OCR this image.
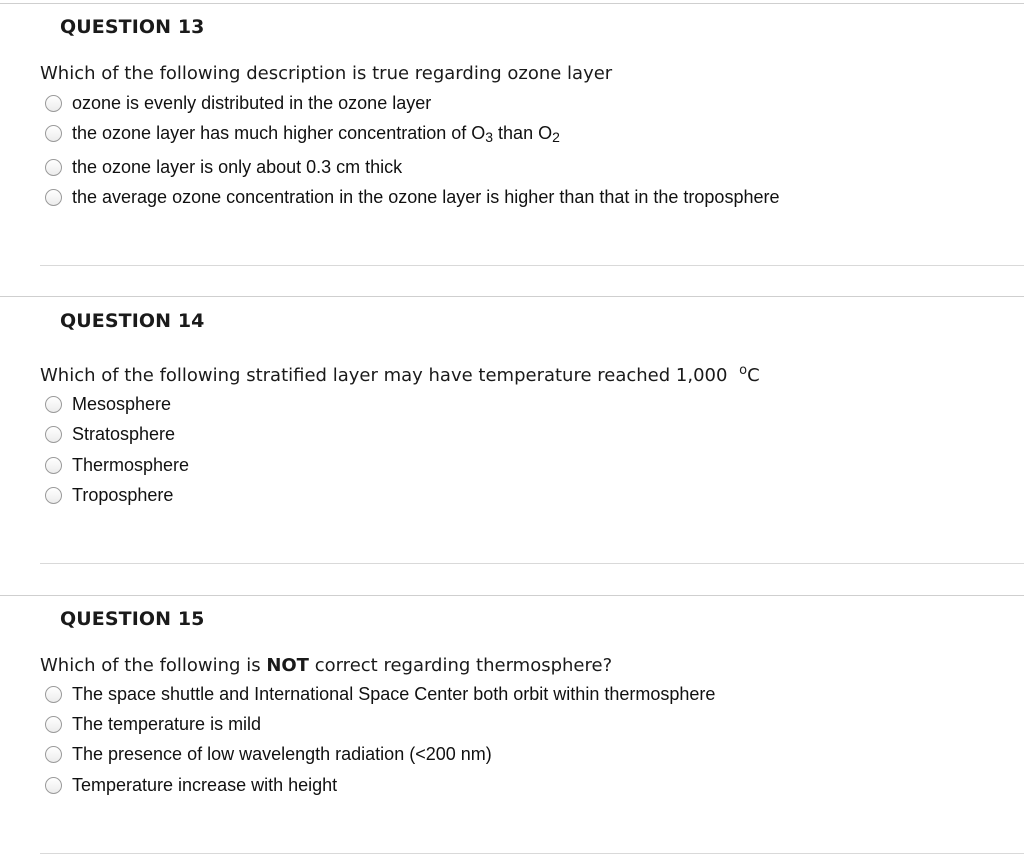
QUESTION 13
Which of the following description is true regarding ozone layer
ozone is evenly distributed in the ozone layer
the ozone layer has much higher concentration of $O_3$ than $O_2$
the ozone layer is only about 0.3 cm thick
the average ozone concentration in the ozone layer is higher than that in the troposphere
QUESTION 14
Which of the following stratified layer may have temperature reached 1,000 $^o$C
Mesosphere
Stratosphere
Thermosphere
Troposphere
QUESTION 15
Which of the following is NOT correct regarding thermosphere?
The space shuttle and International Space Center both orbit within thermosphere
The temperature is mild
The presence of low wavelength radiation (<200 nm)
Temperature increase with height
